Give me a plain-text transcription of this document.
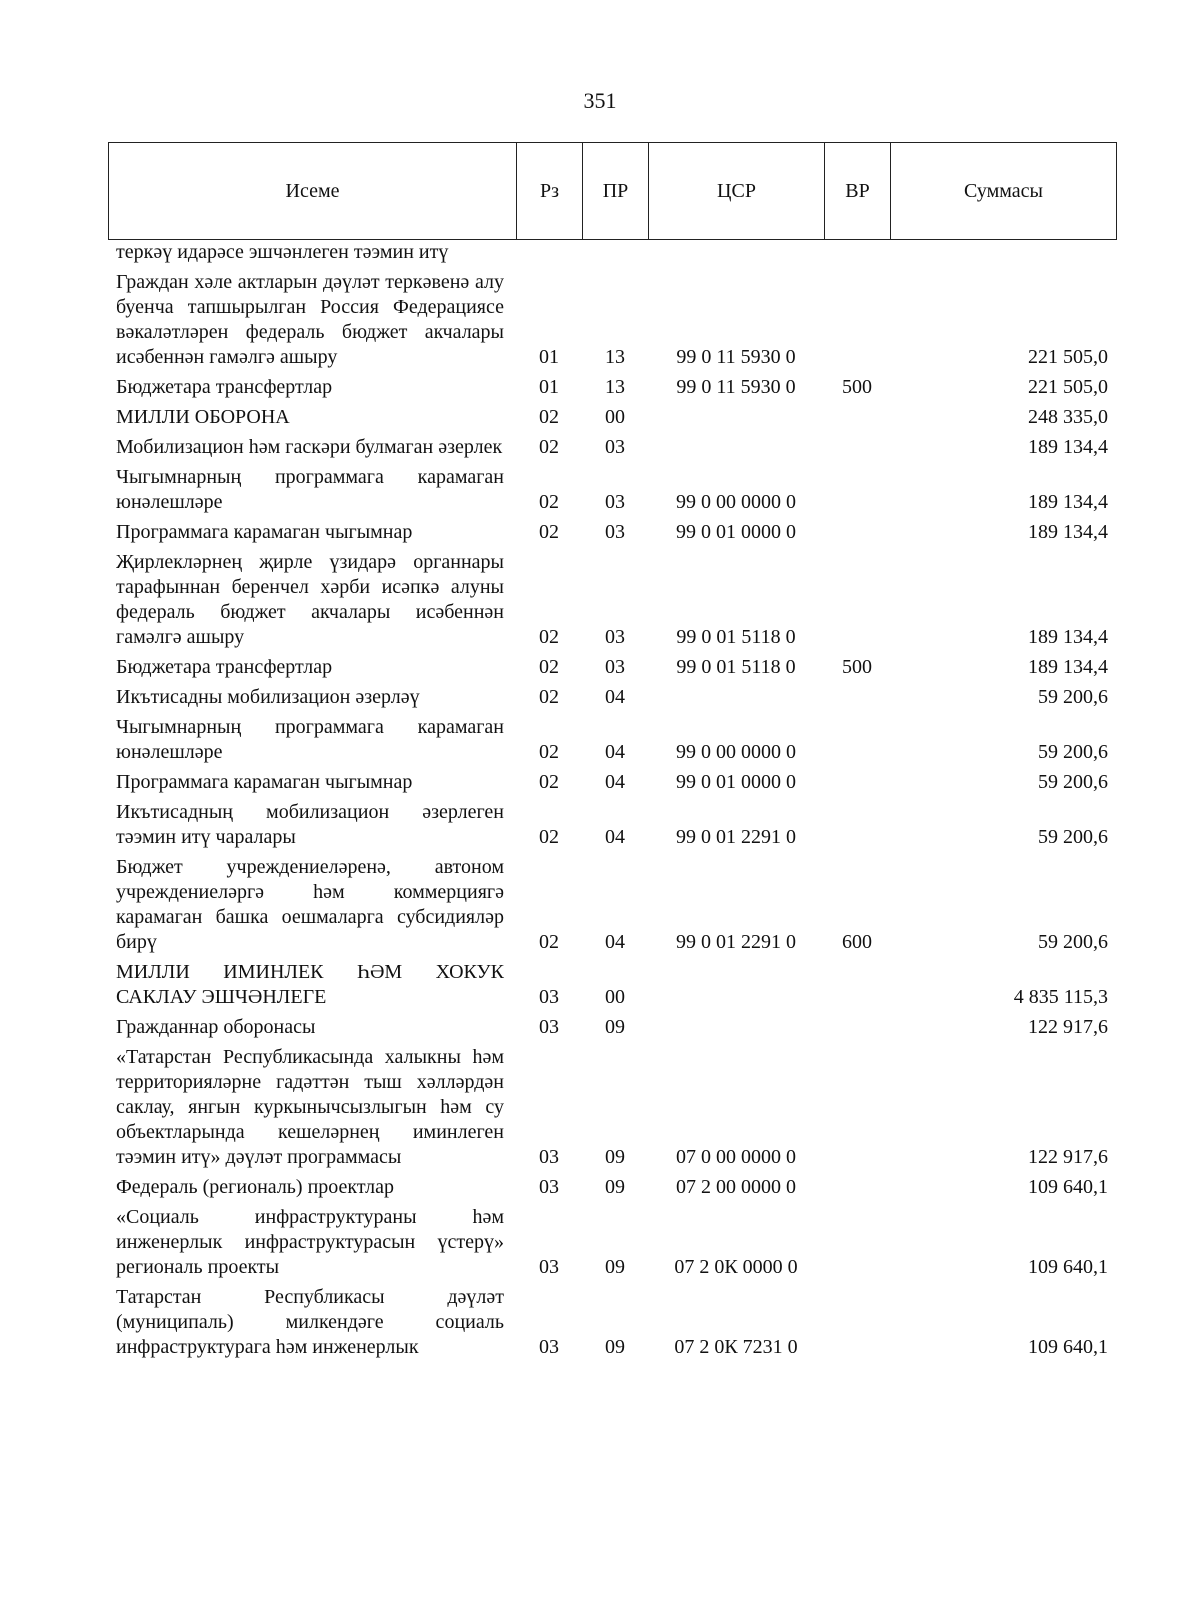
351
Исеме	Рз	ПР	ЦСР	ВР	Суммасы
теркәү идарәсе эшчәнлеген тәэмин итү					
Граждан хәле актларын дәүләт теркәвенә алу буенча тапшырылган Россия Федерациясе вәкаләтләрен федераль бюджет акчалары исәбеннән гамәлгә ашыру	01	13	99 0 11 5930 0		221 505,0
Бюджетара трансфертлар	01	13	99 0 11 5930 0	500	221 505,0
МИЛЛИ ОБОРОНА	02	00			248 335,0
Мобилизацион һәм гаскәри булмаган әзерлек	02	03			189 134,4
Чыгымнарның программага карамаган юнәлешләре	02	03	99 0 00 0000 0		189 134,4
Программага карамаган чыгымнар	02	03	99 0 01 0000 0		189 134,4
Җирлекләрнең җирле үзидарә органнары тарафыннан беренчел хәрби исәпкә алуны федераль бюджет акчалары исәбеннән гамәлгә ашыру	02	03	99 0 01 5118 0		189 134,4
Бюджетара трансфертлар	02	03	99 0 01 5118 0	500	189 134,4
Икътисадны мобилизацион әзерләү	02	04			59 200,6
Чыгымнарның программага карамаган юнәлешләре	02	04	99 0 00 0000 0		59 200,6
Программага карамаган чыгымнар	02	04	99 0 01 0000 0		59 200,6
Икътисадның мобилизацион әзерлеген тәэмин итү чаралары	02	04	99 0 01 2291 0		59 200,6
Бюджет учреждениеләренә, автоном учреждениеләргә һәм коммерциягә карамаган башка оешмаларга субсидияләр бирү	02	04	99 0 01 2291 0	600	59 200,6
МИЛЛИ ИМИНЛЕК ҺӘМ ХОКУК САКЛАУ ЭШЧӘНЛЕГЕ	03	00			4 835 115,3
Гражданнар оборонасы	03	09			122 917,6
«Татарстан Республикасында халыкны һәм территорияләрне гадәттән тыш хәлләрдән саклау, янгын куркынычсызлыгын һәм су объектларында кешеләрнең иминлеген тәэмин итү» дәүләт программасы	03	09	07 0 00 0000 0		122 917,6
Федераль (региональ) проектлар	03	09	07 2 00 0000 0		109 640,1
«Социаль инфраструктураны һәм инженерлык инфраструктурасын үстерү» региональ проекты	03	09	07 2 0К 0000 0		109 640,1
Татарстан Республикасы дәүләт (муниципаль) милкендәге социаль инфраструктурага һәм инженерлык	03	09	07 2 0К 7231 0		109 640,1
